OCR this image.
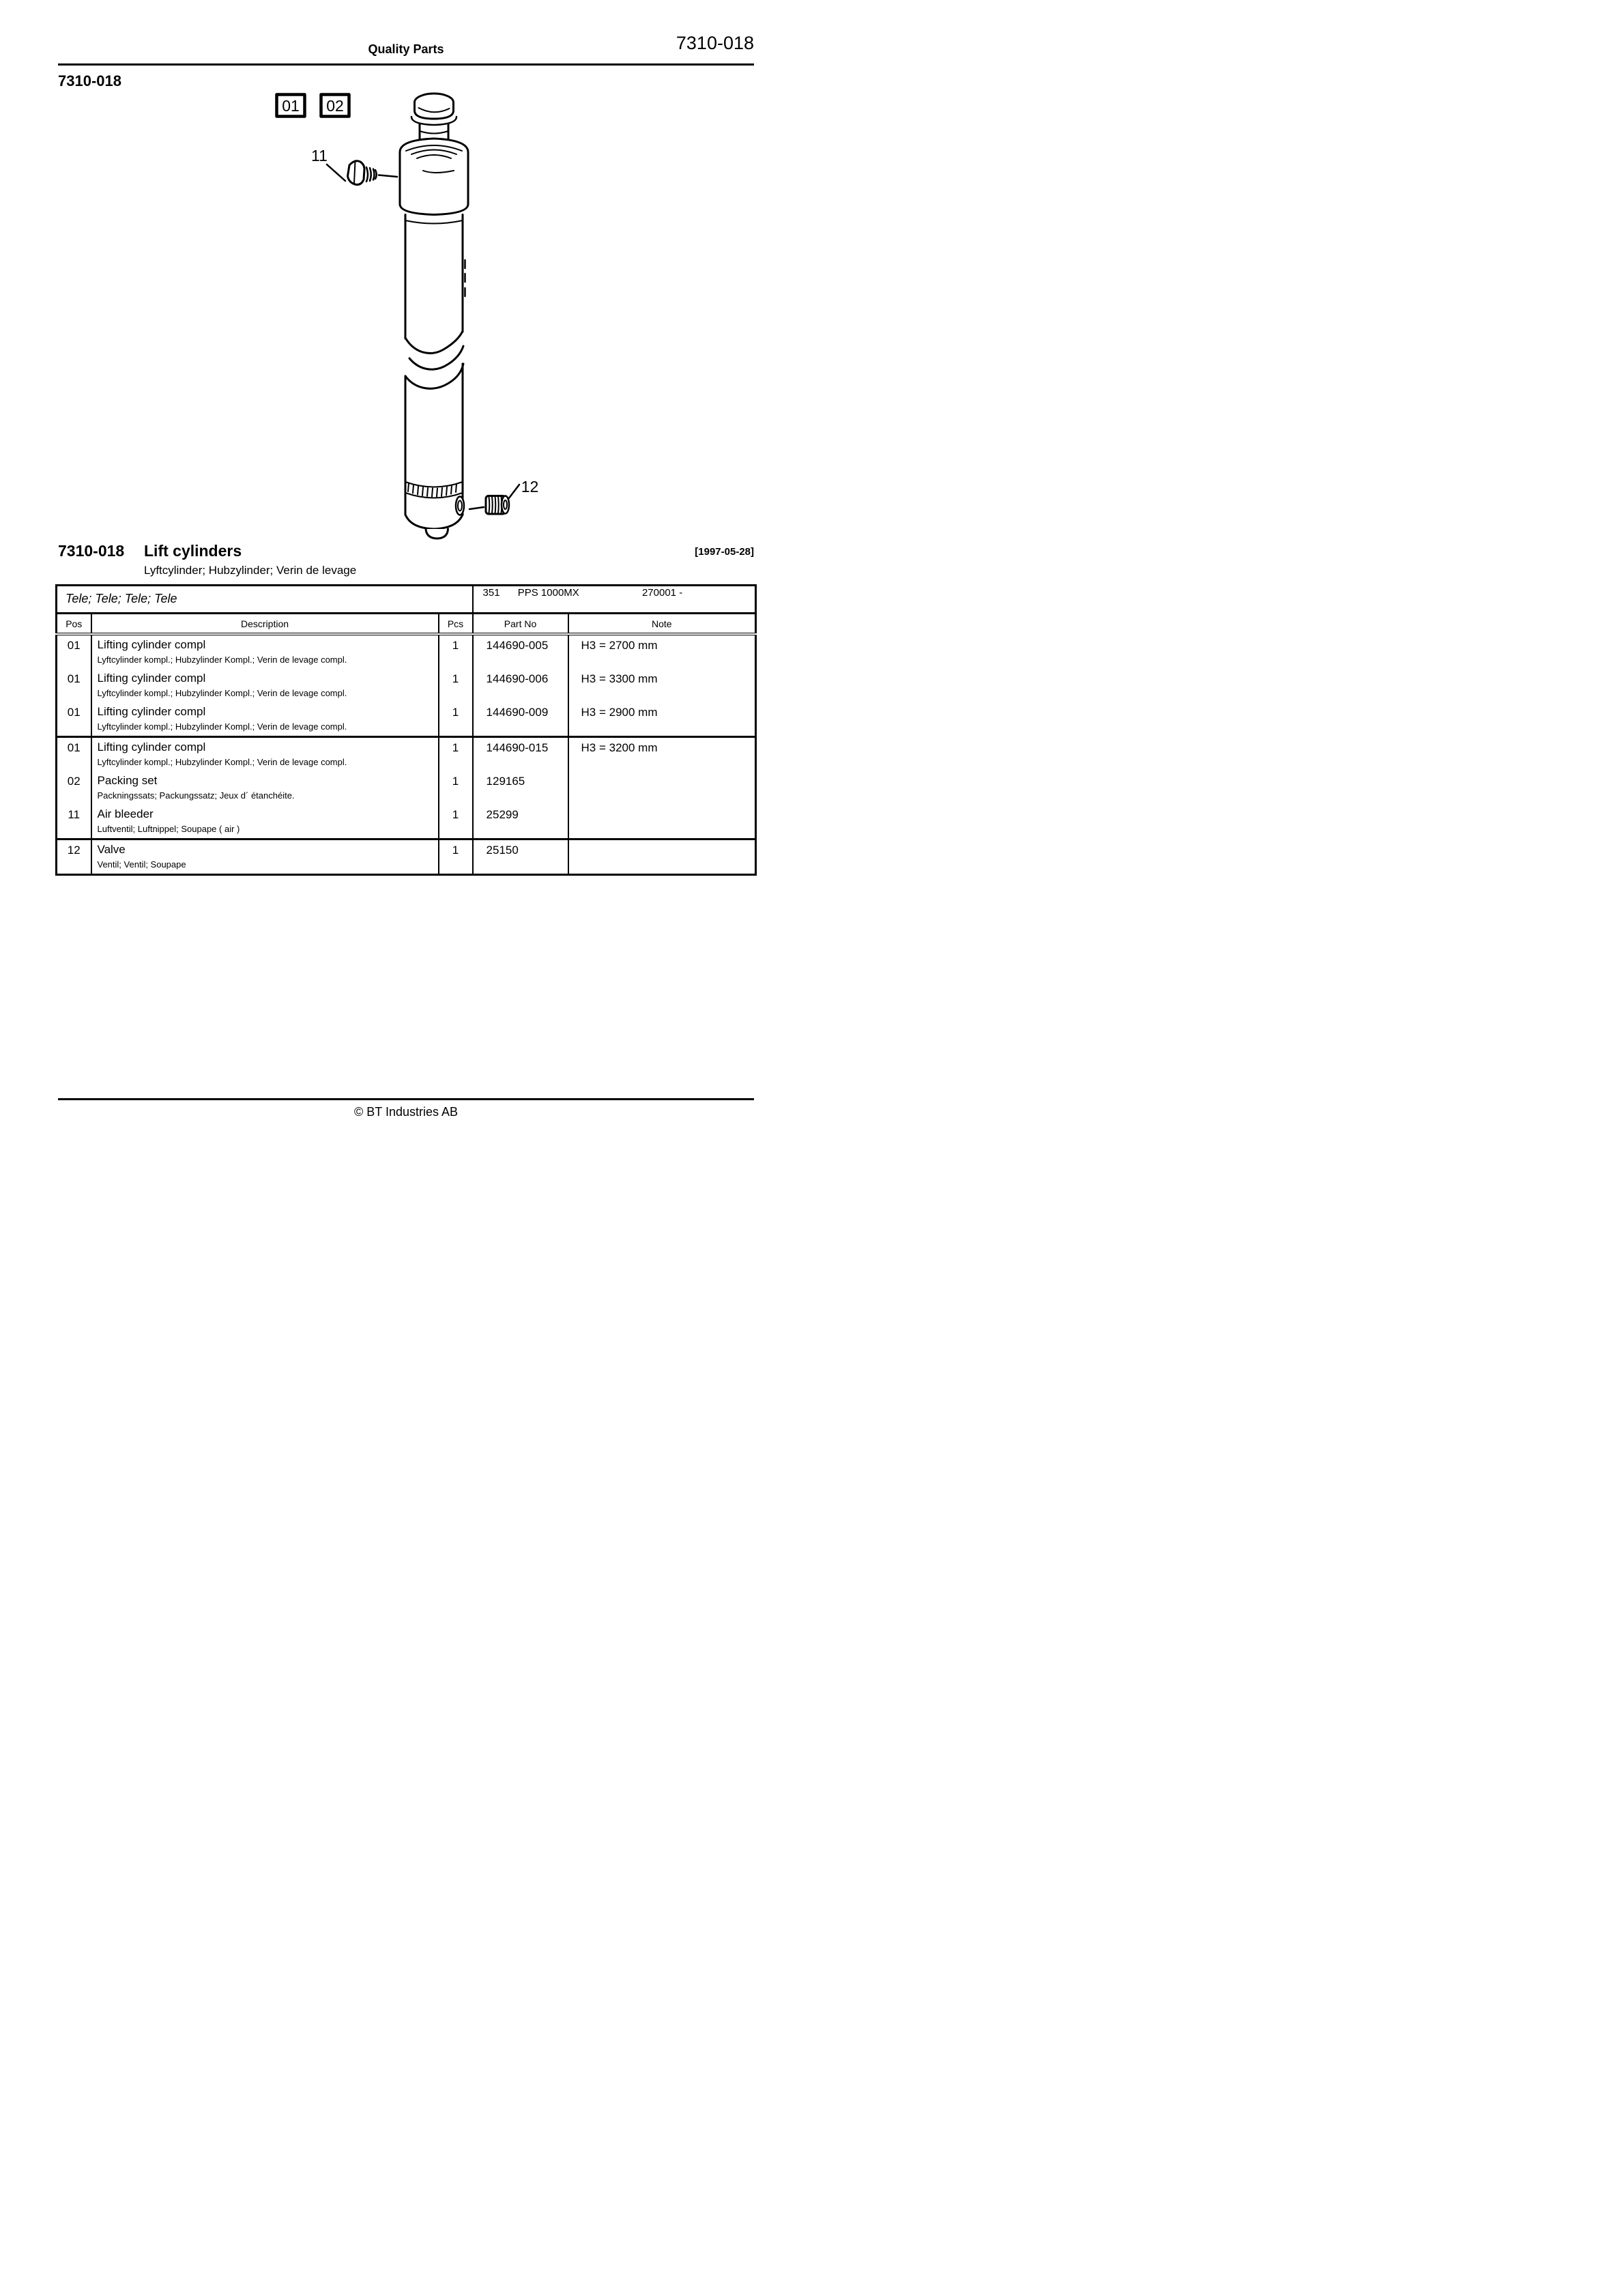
Quality Parts	7310-018
7310-018
01 02
11
12
7310-018 Lift cylinders	[1997-05-28]
Lyftcylinder; Hubzylinder; Verin de levage
Tele; Tele; Tele; Tele			351 PPS 1000MX 270001 -	
Pos	Description	Pcs	Part No	Note
01	Lifting cylinder compl
Lyftcylinder kompl.; Hubzylinder Kompl.; Verin de levage compl.	1	144690-005	H3 = 2700 mm
01	Lifting cylinder compl
Lyftcylinder kompl.; Hubzylinder Kompl.; Verin de levage compl.	1	144690-006	H3 = 3300 mm
01	Lifting cylinder compl
Lyftcylinder kompl.; Hubzylinder Kompl.; Verin de levage compl.	1	144690-009	H3 = 2900 mm
01	Lifting cylinder compl
Lyftcylinder kompl.; Hubzylinder Kompl.; Verin de levage compl.	1	144690-015	H3 = 3200 mm
02	Packing set
Packningssats; Packungssatz; Jeux d´ étanchéite.	1	129165	
11	Air bleeder
Luftventil; Luftnippel; Soupape ( air )	1	25299	
12	Valve
Ventil; Ventil; Soupape	1	25150	
© BT Industries AB
